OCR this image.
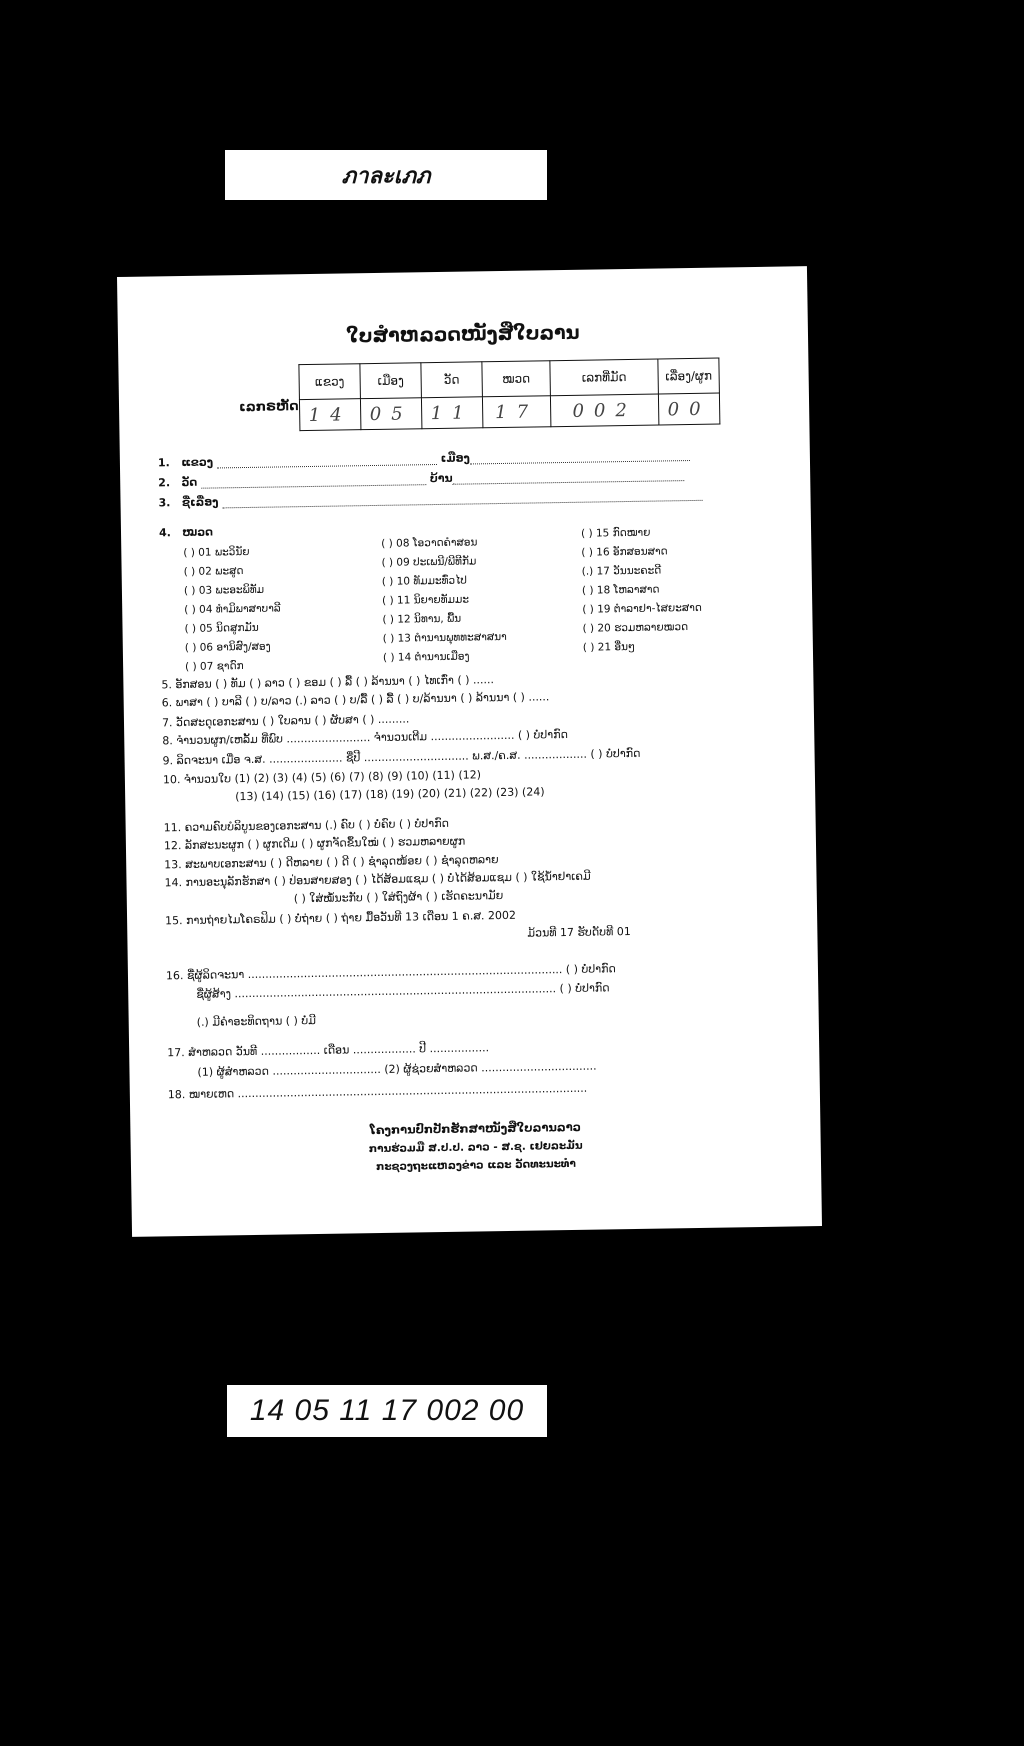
ภาละเภภ
ໃບສຳຫລວດໜັງສືໃບລານ
ເລກຣຫັດ
ແຂວງ	ເມືອງ	ວັດ	ໝວດ	ເລກທີ່ມັດ	ເລື່ອງ/ຜູກ
14	05	11	17	002	00
1. ແຂວງ	ເມືອງ
2. ວັດ	ບ້ານ
3. ຊື່ເລື່ອງ
4. ໝວດ
( ) 01 ພະວິນັຍ
( ) 02 ພະສູດ
( ) 03 ພະອະພິທັມ
( ) 04 ທຳມິພາສາບາລີ
( ) 05 ນິດສູກມັນ
( ) 06 ອານິສົງ/ສອງ
( ) 07 ຊາດົກ
( ) 08 ໂອວາດຄຳສອນ
( ) 09 ປະເພນີ/ພີທີກັມ
( ) 10 ທັມມະທົ່ວໄປ
( ) 11 ນິຍາຍທັມມະ
( ) 12 ນິທານ, ພື້ນ
( ) 13 ຕຳນານພຸທທະສາສນາ
( ) 14 ຕຳນານເມືອງ
( ) 15 ກົດໝາຍ
( ) 16 ອັກສອນສາດ
(.) 17 ວັນນະຄະດີ
( ) 18 ໂຫລາສາດ
( ) 19 ຕຳລາຢາ-ໄສຍະສາດ
( ) 20 ຮວມຫລາຍໝວດ
( ) 21 ອື່ນໆ
5. ອັກສອນ ( ) ທັມ ( ) ລາວ ( ) ຂອມ ( ) ລື້ ( ) ລ້ານນາ ( ) ໄທເກົ່າ ( ) ......
6. ພາສາ ( ) ບາລີ ( ) ບ/ລາວ (.) ລາວ ( ) ບ/ລື້ ( ) ລື້ ( ) ບ/ລ້ານນາ ( ) ລ້ານນາ ( ) ......
7. ວັດສະດຸເອກະສານ ( ) ໃບລານ ( ) ຜັບສາ ( ) .........
8. ຈຳນວນຜູກ/ເຫລັ້ມ ທີ່ພົບ ........................ ຈຳນວນເຕີມ ........................ ( ) ບໍ່ປາກົດ
9. ລິດຈະນາ ເມື່ອ ຈ.ສ. ..................... ຊື່ປີ .............................. ພ.ສ./ຄ.ສ. .................. ( ) ບໍ່ປາກົດ
10. ຈຳນວນໃບ (1) (2) (3) (4) (5) (6) (7) (8) (9) (10) (11) (12)
(13) (14) (15) (16) (17) (18) (19) (20) (21) (22) (23) (24)
11. ຄວາມຄົບບໍລິບູນຂອງເອກະສານ (.) ຄົບ ( ) ບໍ່ຄົບ ( ) ບໍ່ປາກົດ
12. ລັກສະນະຜູກ ( ) ຜູກເດີມ ( ) ຜູກຈັດຂຶ້ນໃໝ່ ( ) ຮວມຫລາຍຜູກ
13. ສະພາບເອກະສານ ( ) ດີຫລາຍ ( ) ດີ ( ) ຊຳລຸດໜ້ອຍ ( ) ຊຳລຸດຫລາຍ
14. ການອະນຸລັກຮັກສາ ( ) ປ່ອນສາຍສອງ ( ) ໄດ້ສ້ອມແຊມ ( ) ບໍ່ໄດ້ສ້ອມແຊມ ( ) ໃຊ້ນ້ຳຢາເຄມີ
( ) ໃສ່ໝໍ້ນະກັບ ( ) ໃສ່ຖົງຜ້າ ( ) ເຮັດຄະນາມັຍ
15. ການຖ່າຍໄມໂຄຣຟິມ ( ) ບໍ່ຖ່າຍ ( ) ຖ່າຍ ມື້ອວັນທີ 13 ເດືອນ 1 ຄ.ສ. 2002
ມ້ວນທີ 17 ຮັບດັບທີ 01
16. ຊື່ຜູ້ລິດຈະນາ .......................................................................................... ( ) ບໍ່ປາກົດ
ຊື່ຜູ້ສ້າງ ............................................................................................ ( ) ບໍ່ປາກົດ
(.) ມີຄຳອະທິດຖານ ( ) ບໍ່ມີ
17. ສຳຫລວດ ວັນທີ ................. ເດືອນ .................. ປີ .................
(1) ຜູ້ສຳຫລວດ ............................... (2) ຜູ້ຊ່ວຍສຳຫລວດ .................................
18. ໝາຍເຫດ ....................................................................................................
ໂຄງການປົກປັກຮັກສາໜັງສືໃບລານລາວ
ການຮ່ວມມື ສ.ປ.ປ. ລາວ - ສ.ຊ. ເຢຍລະມັນ
ກະຊວງຖະແຫລງຂ່າວ ແລະ ວັດທະນະທຳ
14 05 11 17 002 00
